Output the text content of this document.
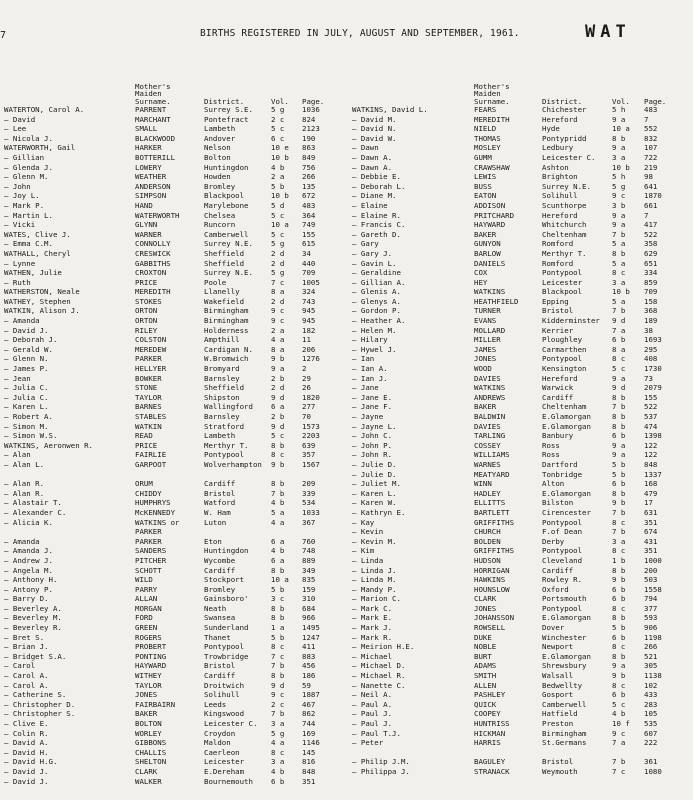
7	BIRTHS REGISTERED IN JULY, AUGUST AND SEPTEMBER, 1961.	WAT
Mother's Maiden Surname.	District.	Vol. Page.
WATERTON, Carol A.	PARRENT	Surrey S.E. 5 g 1036
— David	MARCHANT	Pontefract	2 c 824
— Lee	SMALL	Lambeth	5 c 2123
— Nicola J.	BLACKWOOD	Andover	6 c 190
WATERWORTH, Gail	HARKER	Nelson	10 e 863
— Gillian	BOTTERILL	Bolton	10 b 849
— Glenda J.	LOWERY	Huntingdon	4 b 756
— Glenn M.	WEATHER	Howden	2 a 266
— John	ANDERSON	Bromley	5 b 135
— Joy L.	SIMPSON	Blackpool	10 b 672
— Mark P.	HAND	Marylebone	5 d 483
— Martin L.	WATERWORTH	Chelsea	5 c 364
— Vicki	GLYNN	Runcorn	10 a 749
WATES, Clive J.	WARNER	Camberwell	5 c 155
— Emma C.M.	CONNOLLY	Surrey N.E. 5 g 615
WATHALL, Cheryl	CRESWICK	Sheffield	2 d 34
— Lynne	GABBITHS	Sheffield	2 d 440
WATHEN, Julie	CROXTON	Surrey N.E. 5 g 709
— Ruth	PRICE	Poole	7 c 1005
WATHERSTON, Neale	MEREDITH	Llanelly	8 a 324
WATHEY, Stephen	STOKES	Wakefield	2 d 743
WATKIN, Alison J.	ORTON	Birmingham	9 c 945
— Amanda	ORTON	Birmingham	9 c 945
— David J.	RILEY	Holderness	2 a 182
— Deborah J.	COLSTON	Ampthill	4 a 11
— Gerald W.	MEREDEW	Cardigan N. 8 a 206
— Glenn N.	PARKER	W.Bromwich	9 b 1276
— James P.	HELLYER	Bromyard	9 a 2
— Jean	BOWKER	Barnsley	2 b 29
— Julia C.	STONE	Sheffield	2 d 26
— Julia C.	TAYLOR	Shipston	9 d 1820
— Karen L.	BARNES	Wallingford 6 a 277
— Robert A.	STABLES	Barnsley	2 b 70
— Simon M.	WATKIN	Stratford	9 d 1573
— Simon W.S.	READ	Lambeth	5 c 2203
WATKINS, Aeronwen R.	PRICE	Merthyr T.	8 b 639
— Alan	FAIRLIE	Pontypool	8 c 357
— Alan L.	GARPOOT	Wolverhampton 9 b 1567
— Alan R.	ORUM	Cardiff	8 b 209
— Alan R.	CHIDDY	Bristol	7 b 339
— Alastair T.	HUMPHRYS	Watford	4 b 534
— Alexander C.	McKENNEDY	W. Ham	5 a 1033
— Alicia K.	WATKINS or	Luton	4 a 367
PARKER
— Amanda	PARKER	Eton	6 a 760
— Amanda J.	SANDERS	Huntingdon	4 b 748
— Andrew J.	PITCHER	Wycombe	6 a 889
— Angela M.	SCHOTT	Cardiff	8 b 349
— Anthony H.	WILD	Stockport	10 a 835
— Antony P.	PARRY	Bromley	5 b 159
— Barry D.	ALLAN	Gainsboro'	3 c 310
— Beverley A.	MORGAN	Neath	8 b 684
— Beverley M.	FORD	Swansea	8 b 966
— Beverley R.	GREEN	Sunderland	1 a 1495
— Bret S.	ROGERS	Thanet	5 b 1247
— Brian J.	PROBERT	Pontypool	8 c 411
— Bridget S.A.	PONTING	Trowbridge	7 c 883
— Carol	HAYWARD	Bristol	7 b 456
— Carol A.	WITHEY	Cardiff	8 b 186
— Carol A.	TAYLOR	Droitwich	9 d 59
— Catherine S.	JONES	Solihull	9 c 1887
— Christopher D.	FAIRBAIRN	Leeds	2 c 467
— Christopher S.	BAKER	Kingswood	7 b 862
— Clive E.	BOLTON	Leicester C. 3 a 744
— Colin R.	WORLEY	Croydon	5 g 169
— David A.	GIBBONS	Maldon	4 a 1146
— David H.	CHALLIS	Caerleon	8 c 145
— David H.G.	SHELTON	Leicester	3 a 816
— David J.	CLARK	E.Dereham	4 b 848
— David J.	WALKER	Bournemouth 6 b 351
Mother's Maiden Surname.	District.	Vol. Page.
WATKINS, David L.	FEARS	Chichester	5 h	483
— David M.	MEREDITH	Hereford	9 a	7
— David N.	NIELD	Hyde	10 a 552
— David W.	THOMAS	Pontypridd	8 b	832
— Dawn	MOSLEY	Ledbury	9 a	107
— Dawn A.	GUMM	Leicester C. 3 a	722
— Dawn A.	CRAWSHAW	Ashton	10 b 219
— Debbie E.	LEWIS	Brighton	5 h	98
— Deborah L.	BUSS	Surrey N.E.	5 g	641
— Diane M.	EATON	Solihull	9 c	1870
— Elaine	ADDISON	Scunthorpe	3 b	661
— Elaine R.	PRITCHARD	Hereford	9 a	7
— Francis C.	HAYWARD	Whitchurch	9 a	417
— Gareth D.	BAKER	Cheltenham	7 b	522
— Gary	GUNYON	Romford	5 a	358
— Gary J.	BARLOW	Merthyr T.	8 b	629
— Gavin L.	DANIELS	Romford	5 a	651
— Geraldine	COX	Pontypool	8 c	334
— Gillian A.	HEY	Leicester	3 a	859
— Glenis A.	WATKINS	Blackpool	10 b 709
— Glenys A.	HEATHFIELD	Epping	5 a	158
— Gordon P.	TURNER	Bristol	7 b	368
— Heather A.	EVANS	Kidderminster 9 d	189
— Helen M.	MOLLARD	Kerrier	7 a	38
— Hilary	MILLER	Ploughley	6 b	1693
— Hywel J.	JAMES	Carmarthen	8 a	295
— Ian	JONES	Pontypool	8 c	408
— Ian A.	WOOD	Kensington	5 c	1730
— Ian J.	DAVIES	Hereford	9 a	73
— Jane	WATKINS	Warwick	9 d	2079
— Jane E.	ANDREWS	Cardiff	8 b	155
— Jane F.	BAKER	Cheltenham	7 b	522
— Jayne	BALDWIN	E.Glamorgan	8 b	537
— Jayne L.	DAVIES	E.Glamorgan	8 b	474
— John C.	TARLING	Banbury	6 b	1398
— John P.	COSSEY	Ross	9 a	122
— John R.	WILLIAMS	Ross	9 a	122
— Julie D.	WARNES	Dartford	5 b	848
— Julie D.	MEATYARD	Tonbridge	5 b	1337
— Juliet M.	WINN	Alton	6 b	168
— Karen L.	HADLEY	E.Glamorgan	8 b	479
— Karen W.	ELLITTS	Bilston	9 b	17
— Kathryn E.	BARTLETT	Cirencester	7 b	631
— Kay	GRIFFITHS	Pontypool	8 c	351
— Kevin	CHURCH	F.of Dean	7 b	674
— Kevin M.	BOLDEN	Derby	3 a	431
— Kim	GRIFFITHS	Pontypool	8 c	351
— Linda	HUDSON	Cleveland	1 b	1000
— Linda J.	HORRIGAN	Cardiff	8 b	200
— Linda M.	HAWKINS	Rowley R.	9 b	503
— Mandy P.	HOUNSLOW	Oxford	6 b	1558
— Marion C.	CLARK	Portsmouth	6 b	794
— Mark C.	JONES	Pontypool	8 c	377
— Mark E.	JOHANSSON	E.Glamorgan	8 b	593
— Mark J.	ROWSELL	Dover	5 b	906
— Mark R.	DUKE	Winchester	6 b	1198
— Meirion H.E.	NOBLE	Newport	8 c	266
— Michael	BURT	E.Glamorgan	8 b	521
— Michael D.	ADAMS	Shrewsbury	9 a	305
— Michael R.	SMITH	Walsall	9 b	1138
— Nanette C.	ALLEN	Bedwellty	8 c	102
— Neil A.	PASHLEY	Gosport	6 b	433
— Paul A.	QUICK	Camberwell	5 c	283
— Paul J.	COOPEY	Hatfield	4 b	105
— Paul J.	HUNTRISS	Preston	10 f 535
— Paul T.J.	HICKMAN	Birmingham	9 c	607
— Peter	HARRIS	St.Germans	7 a	222
— Philip J.M.	BAGULEY	Bristol	7 b	361
— Philippa J.	STRANACK	Weymouth	7 c	1080
